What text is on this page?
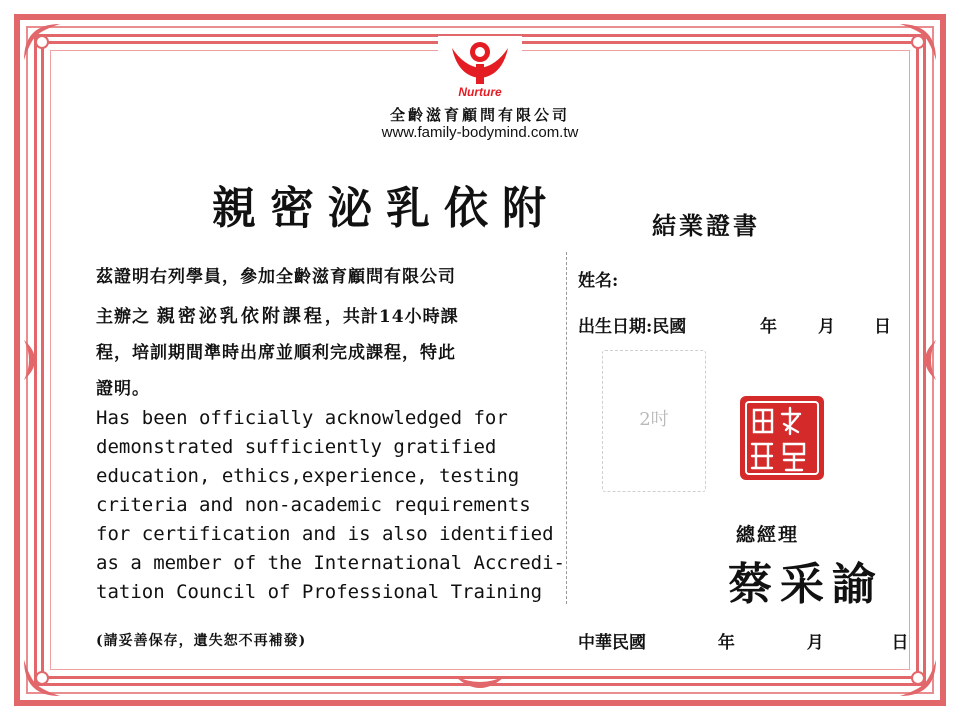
Nurture
全齡滋育顧問有限公司
www.family-bodymind.com.tw
親密泌乳依附	結業證書
茲證明右列學員，參加全齡滋育顧問有限公司
主辦之 親密泌乳依附課程，共計14小時課
程，培訓期間準時出席並順利完成課程，特此
證明。
Has been officially acknowledged for
demonstrated sufficiently gratified
education, ethics,experience, testing
criteria and non-academic requirements
for certification and is also identified
as a member of the International Accredi-
tation Council of Professional Training
姓名:
出生日期:民國	年 月 日
2吋
總經理
蔡采諭
(請妥善保存，遺失恕不再補發)	中華民國	年	月	日
